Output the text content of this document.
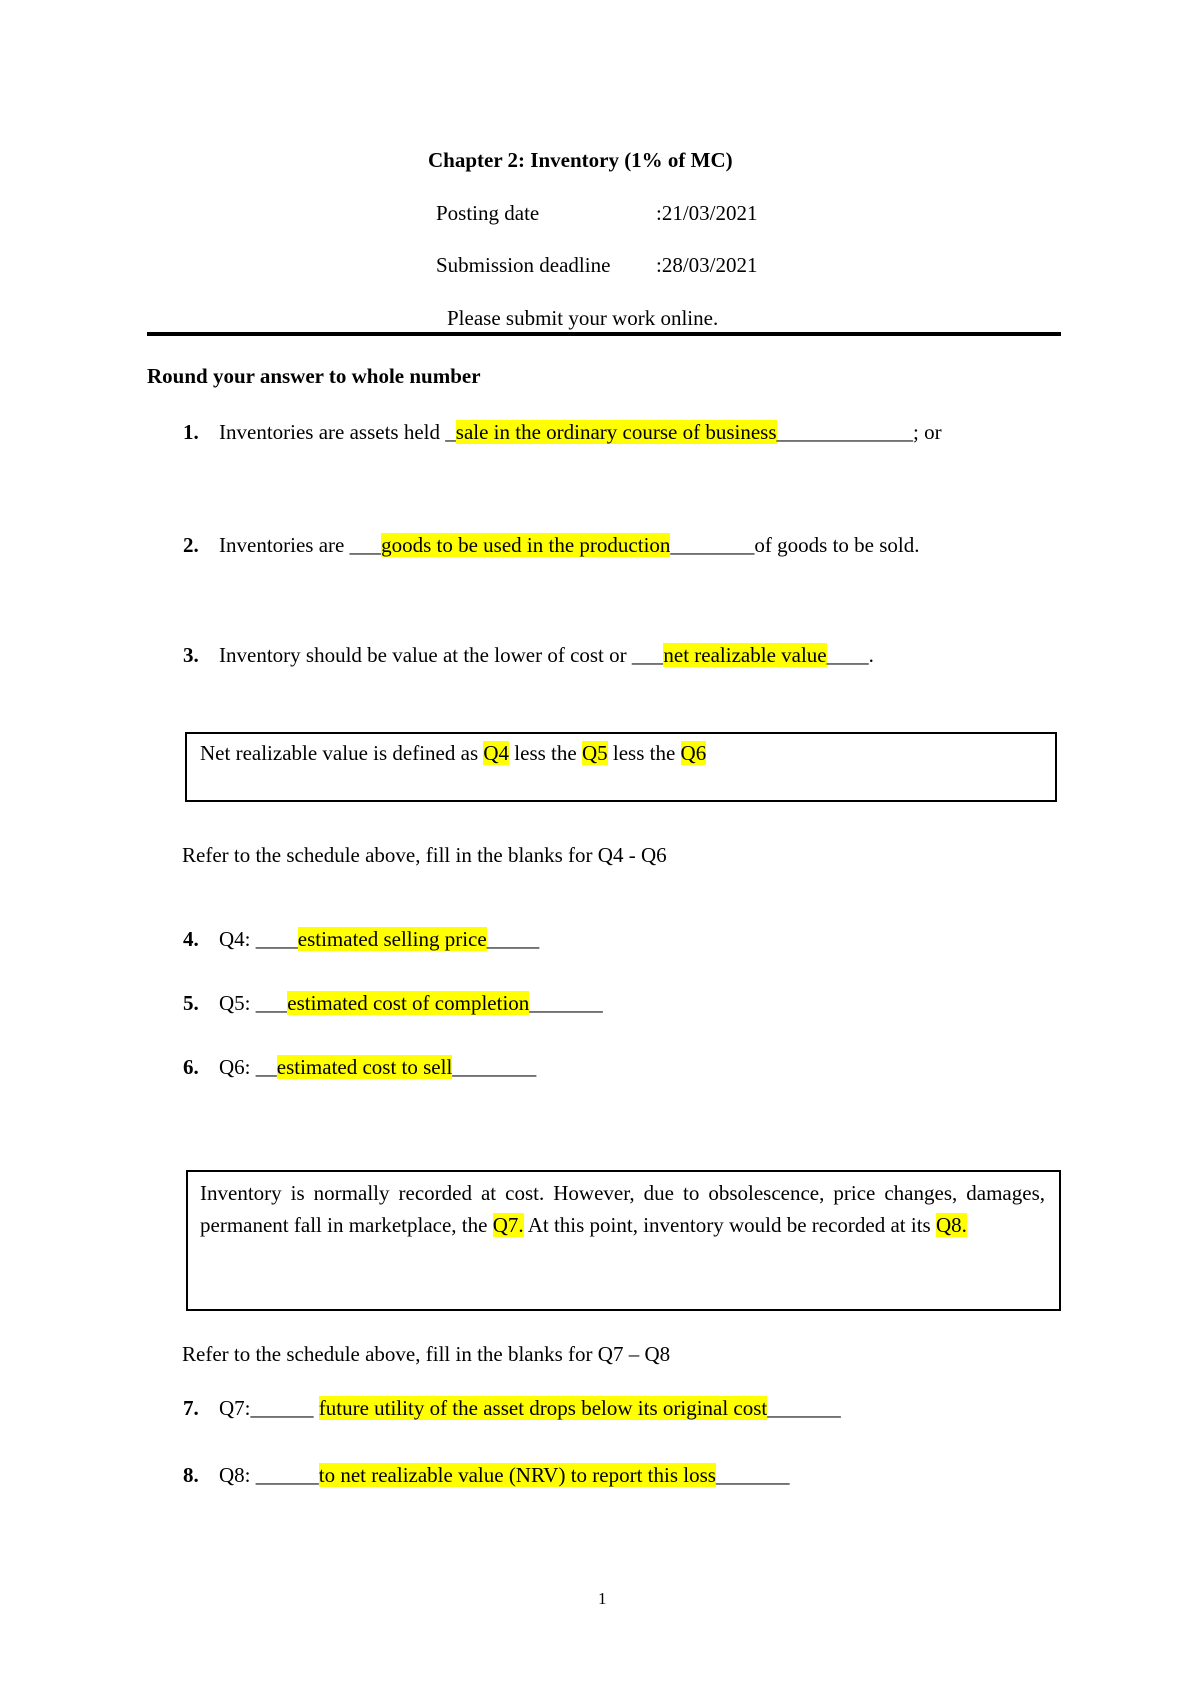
Chapter 2: Inventory (1% of MC)
Posting date	:21/03/2021
Submission deadline :28/03/2021
Please submit your work online.
Round your answer to whole number
1. Inventories are assets held _sale in the ordinary course of business_____________; or
2. Inventories are ___goods to be used in the production________of goods to be sold.
3. Inventory should be value at the lower of cost or ___net realizable value____.
Net realizable value is defined as Q4 less the Q5 less the Q6
Refer to the schedule above, fill in the blanks for Q4 - Q6
4. Q4: ____estimated selling price_____
5. Q5: ___estimated cost of completion_______
6. Q6: __estimated cost to sell________
Inventory is normally recorded at cost. However, due to obsolescence, price changes, damages, permanent fall in marketplace, the Q7. At this point, inventory would be recorded at its Q8.
Refer to the schedule above, fill in the blanks for Q7 – Q8
7. Q7:______ future utility of the asset drops below its original cost_______
8. Q8: ______to net realizable value (NRV) to report this loss_______
1
